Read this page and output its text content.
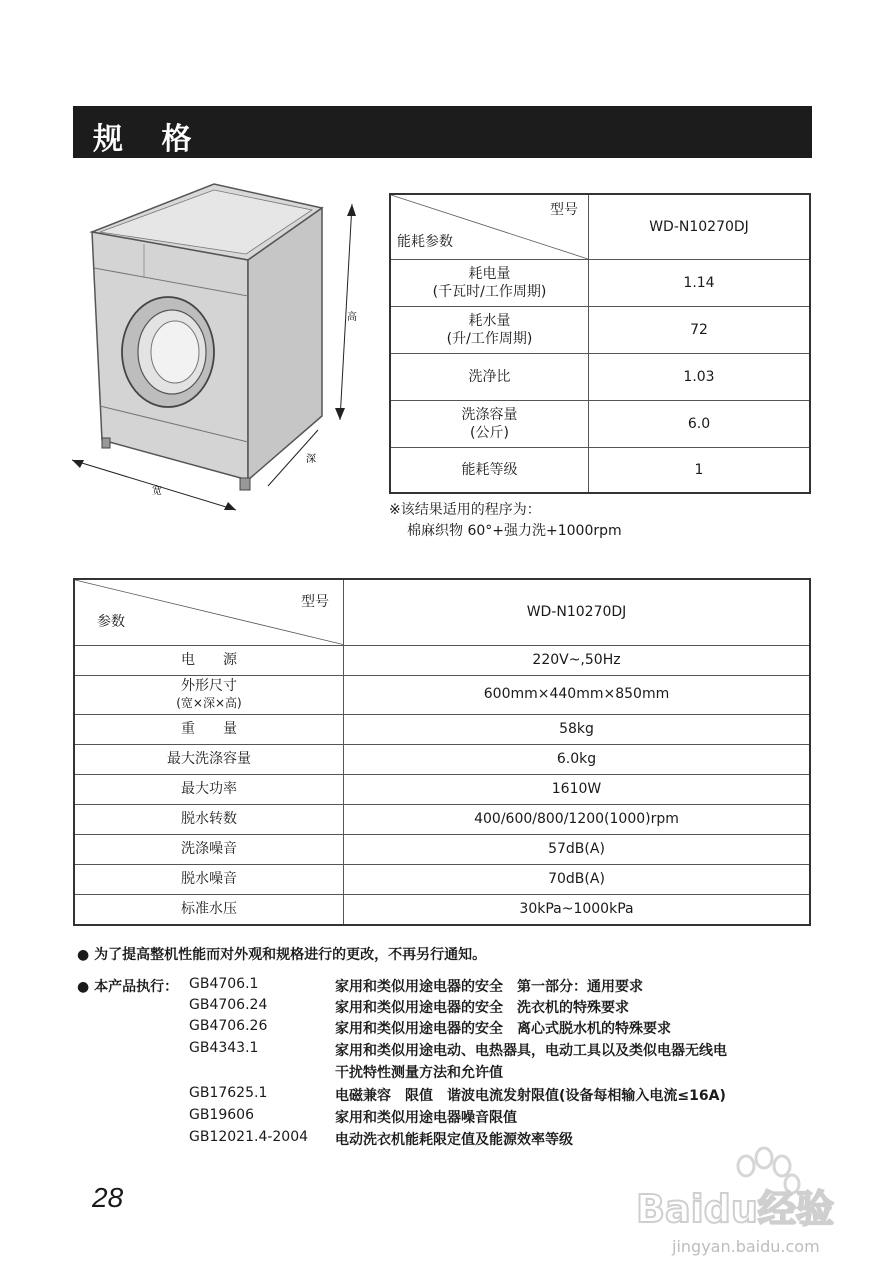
规 格
高
深
宽
型号
能耗参数	WD-N10270DJ
耗电量
(千瓦时/工作周期)	1.14
耗水量
(升/工作周期)	72
洗净比	1.03
洗涤容量
(公斤)	6.0
能耗等级	1
※该结果适用的程序为：
棉麻织物 60°+强力洗+1000rpm
型号
参数	WD-N10270DJ
电　　源	220V~,50Hz
外形尺寸
(宽×深×高)	600mm×440mm×850mm
重　　量	58kg
最大洗涤容量	6.0kg
最大功率	1610W
脱水转数	400/600/800/1200(1000)rpm
洗涤噪音	57dB(A)
脱水噪音	70dB(A)
标准水压	30kPa~1000kPa
● 为了提高整机性能而对外观和规格进行的更改，不再另行通知。
● 本产品执行： GB4706.1	家用和类似用途电器的安全　第一部分：通用要求
GB4706.24	家用和类似用途电器的安全　洗衣机的特殊要求
GB4706.26	家用和类似用途电器的安全　离心式脱水机的特殊要求
GB4343.1	家用和类似用途电动、电热器具，电动工具以及类似电器无线电
干扰特性测量方法和允许值
GB17625.1	电磁兼容　限值　谐波电流发射限值(设备每相输入电流≤16A)
GB19606	家用和类似用途电器噪音限值
GB12021.4-2004 电动洗衣机能耗限定值及能源效率等级
28	Baidu经验
jingyan.baidu.com
